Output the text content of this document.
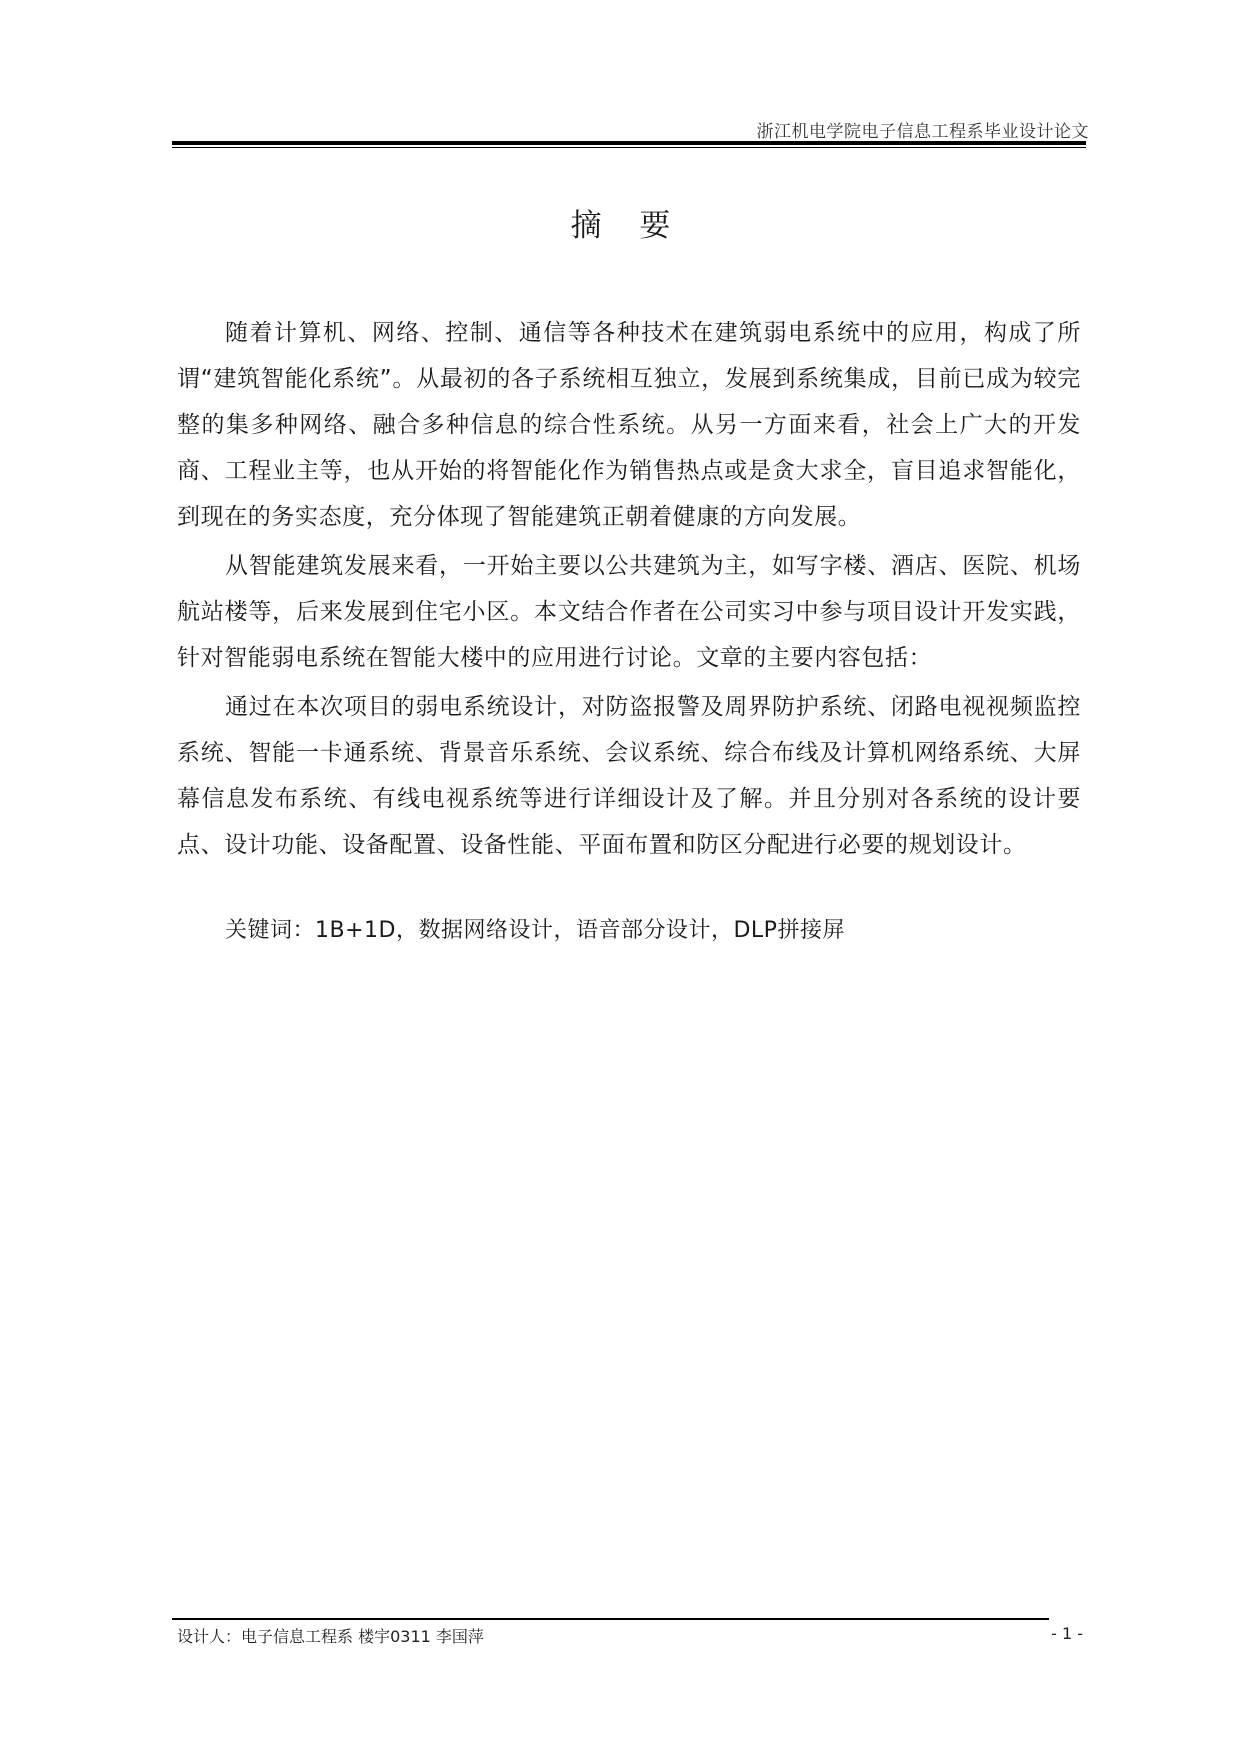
浙江机电学院电子信息工程系毕业设计论文
摘 要

随着计算机、网络、控制、通信等各种技术在建筑弱电系统中的应用，构成了所谓“建筑智能化系统”。从最初的各子系统相互独立，发展到系统集成，目前已成为较完整的集多种网络、融合多种信息的综合性系统。从另一方面来看，社会上广大的开发商、工程业主等，也从开始的将智能化作为销售热点或是贪大求全，盲目追求智能化，到现在的务实态度，充分体现了智能建筑正朝着健康的方向发展。

从智能建筑发展来看，一开始主要以公共建筑为主，如写字楼、酒店、医院、机场航站楼等，后来发展到住宅小区。本文结合作者在公司实习中参与项目设计开发实践，针对智能弱电系统在智能大楼中的应用进行讨论。文章的主要内容包括：

通过在本次项目的弱电系统设计，对防盗报警及周界防护系统、闭路电视视频监控系统、智能一卡通系统、背景音乐系统、会议系统、综合布线及计算机网络系统、大屏幕信息发布系统、有线电视系统等进行详细设计及了解。并且分别对各系统的设计要点、设计功能、设备配置、设备性能、平面布置和防区分配进行必要的规划设计。

关键词：1B+1D，数据网络设计，语音部分设计，DLP拼接屏
设计人：电子信息工程系 楼宇0311 李国萍	- 1 -
